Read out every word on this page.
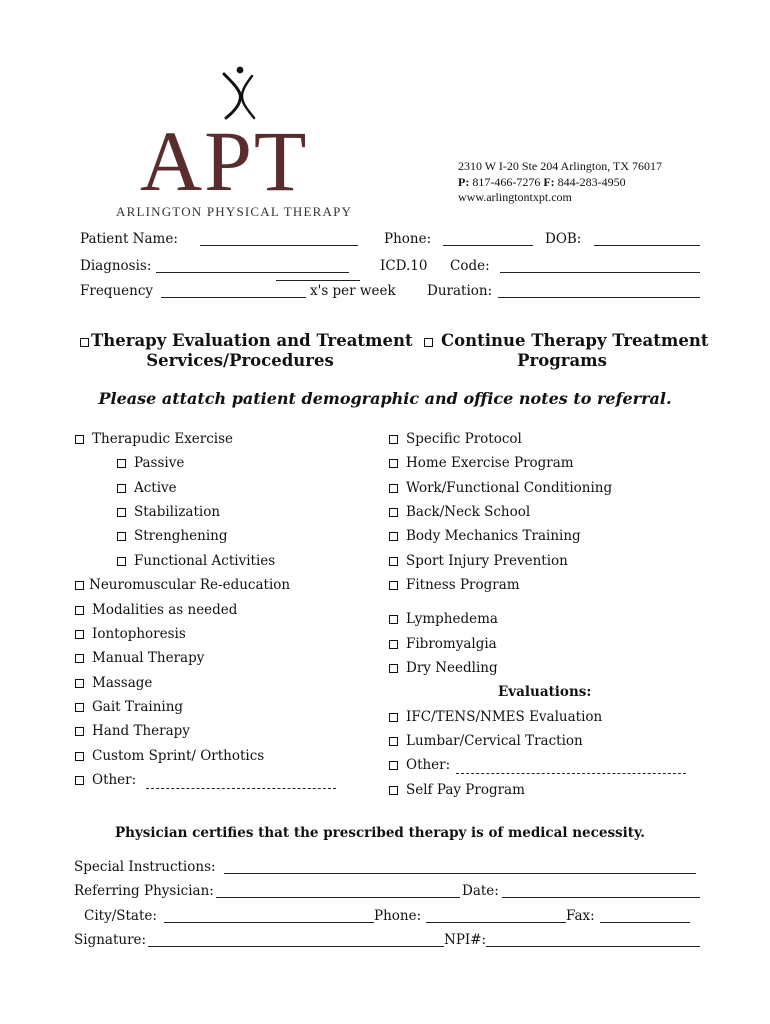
APT
ARLINGTON PHYSICAL THERAPY
2310 W I-20 Ste 204 Arlington, TX 76017
P: 817-466-7276 F: 844-283-4950
www.arlingtontxpt.com
Patient Name:	Phone:	DOB:
Diagnosis:	ICD.10 Code:
Frequency	x's per week Duration:
Therapy Evaluation and Treatment
Services/Procedures
Continue Therapy Treatment
Programs
Please attatch patient demographic and office notes to referral.
Therapudic Exercise
Passive
Active
Stabilization
Strenghening
Functional Activities
Neuromuscular Re-education
Modalities as needed
Iontophoresis
Manual Therapy
Massage
Gait Training
Hand Therapy
Custom Sprint/ Orthotics
Other:
Specific Protocol
Home Exercise Program
Work/Functional Conditioning
Back/Neck School
Body Mechanics Training
Sport Injury Prevention
Fitness Program
Lymphedema
Fibromyalgia
Dry Needling
Evaluations:
IFC/TENS/NMES Evaluation
Lumbar/Cervical Traction
Other:
Self Pay Program
Physician certifies that the prescribed therapy is of medical necessity.
Special Instructions:
Referring Physician:	Date:
City/State:	Phone:	Fax:
Signature:	NPI#:
